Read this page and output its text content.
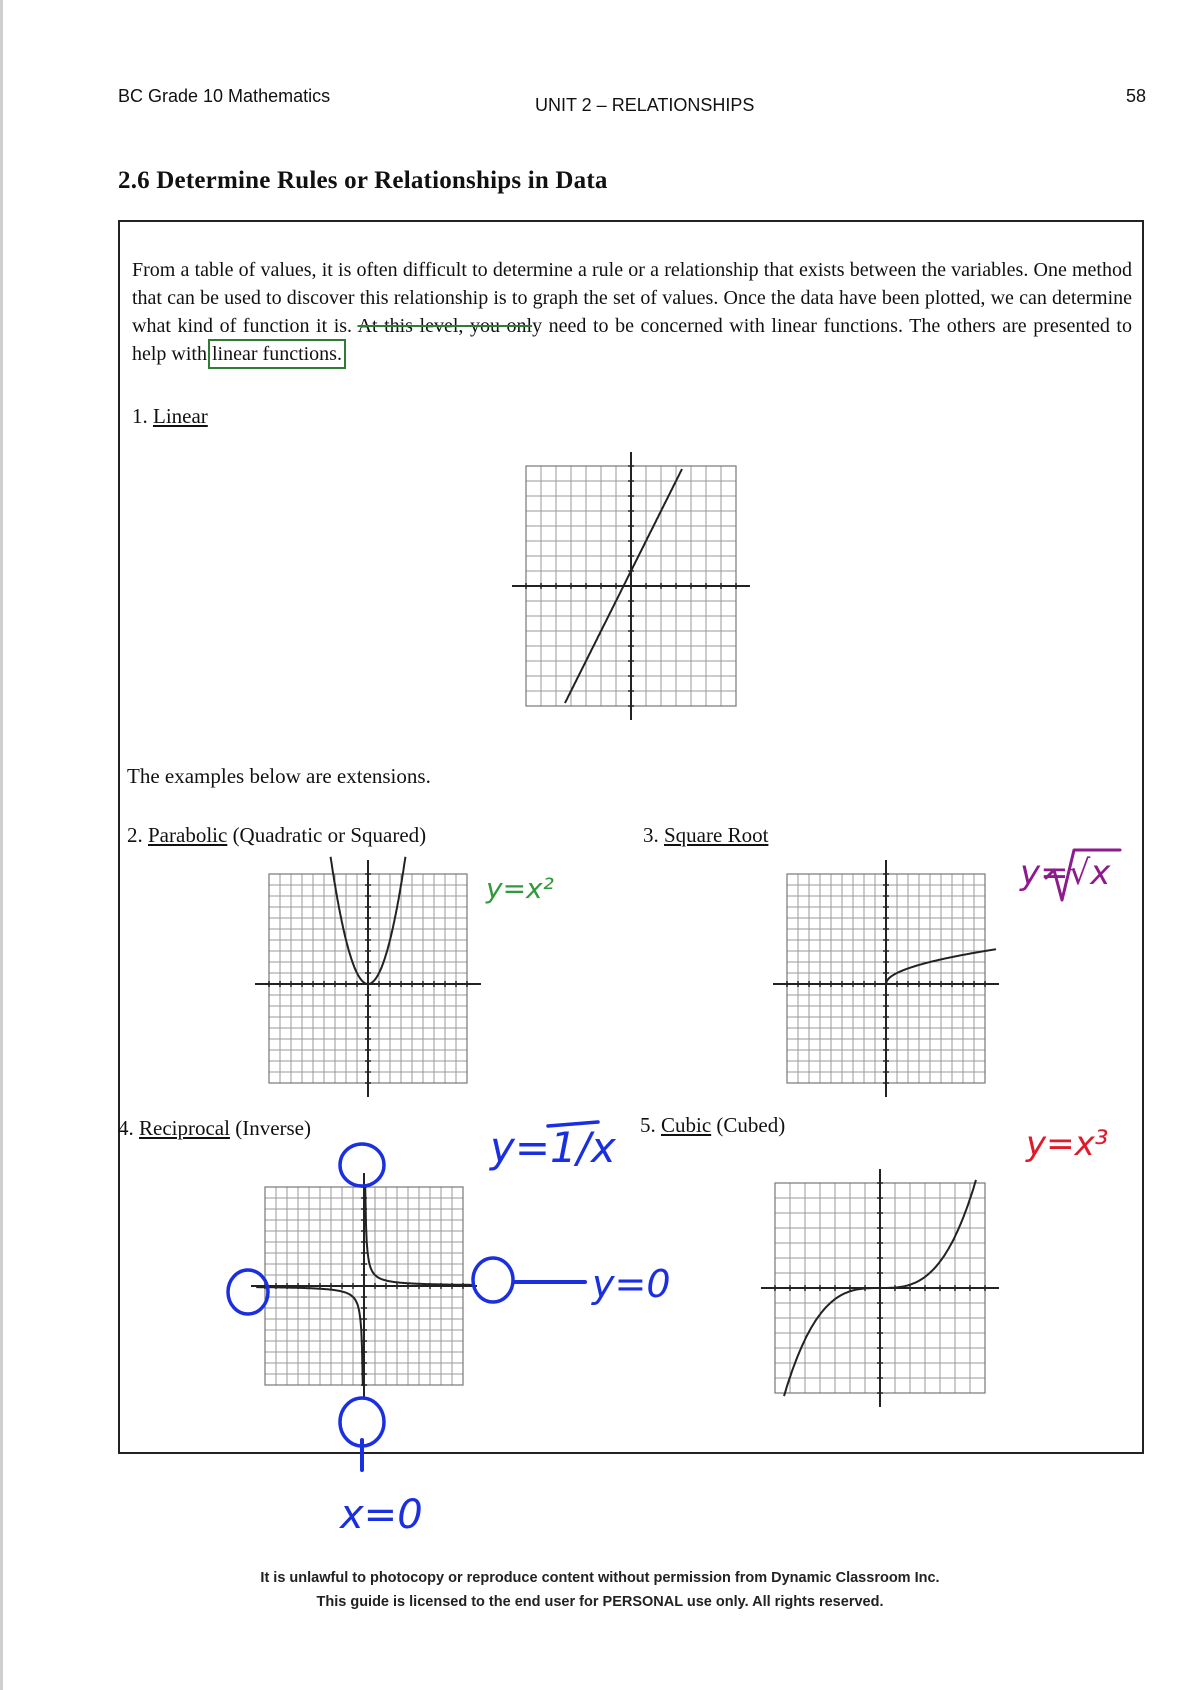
BC Grade 10 Mathematics	UNIT 2 – RELATIONSHIPS	58
2.6 Determine Rules or Relationships in Data
From a table of values, it is often difficult to determine a rule or a relationship that exists between the variables. One method that can be used to discover this relationship is to graph the set of values. Once the data have been plotted, we can determine what kind of function it is. At this level, you only need to be concerned with linear functions. The others are presented to help with linear functions.
1. Linear
The examples below are extensions.
2. Parabolic (Quadratic or Squared)	3. Square Root
4. Reciprocal (Inverse)	5. Cubic (Cubed)
y=x²	y=√x
y=1/x
y=0
x=0
y=x³
It is unlawful to photocopy or reproduce content without permission from Dynamic Classroom Inc.
This guide is licensed to the end user for PERSONAL use only. All rights reserved.
